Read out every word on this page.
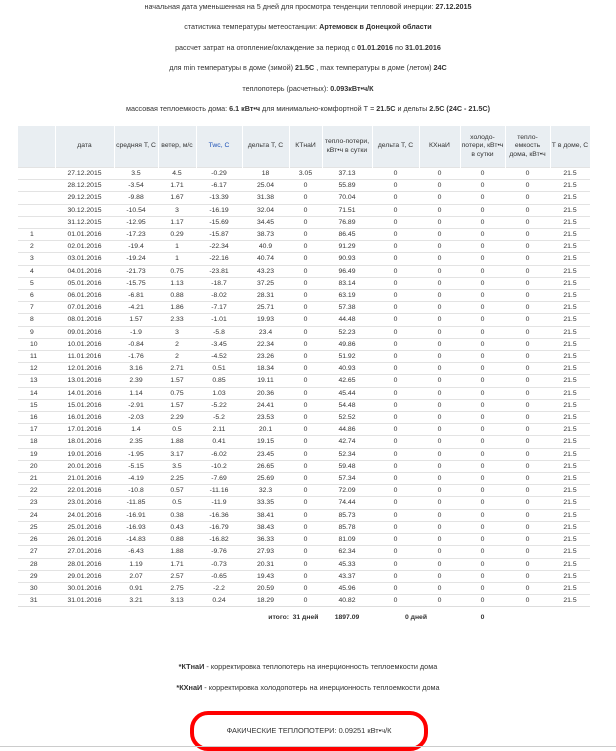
начальная дата уменьшенная на 5 дней для просмотра тенденции тепловой инерции: 27.12.2015
статистика температуры метеостанции: Артемовск в Донецкой области
рассчет затрат на отопление/охлаждение за период с 01.01.2016 по 31.01.2016
для min температуры в доме (зимой) 21.5C , max температуры в доме (летом) 24C
теплопотерь (расчетных): 0.093кВт•ч/К
массовая теплоемкость дома: 6.1 кВт•ч для минимально-комфортной Т = 21.5C и дельты 2.5C (24C - 21.5C)
	дата	средняя Т, С	ветер, м/с	Twc, C	дельта Т, С	КТнаИ	тепло-потери, кВт•ч в сутки	дельта Т, С	КХнаИ	холодо-потери, кВт•ч в сутки	тепло-емкость дома, кВт•ч	Т в доме, С
	27.12.2015	3.5	4.5	-0.29	18	3.05	37.13	0	0	0	0	21.5
	28.12.2015	-3.54	1.71	-6.17	25.04	0	55.89	0	0	0	0	21.5
	29.12.2015	-9.88	1.67	-13.39	31.38	0	70.04	0	0	0	0	21.5
	30.12.2015	-10.54	3	-16.19	32.04	0	71.51	0	0	0	0	21.5
	31.12.2015	-12.95	1.17	-15.69	34.45	0	76.89	0	0	0	0	21.5
1	01.01.2016	-17.23	0.29	-15.87	38.73	0	86.45	0	0	0	0	21.5
2	02.01.2016	-19.4	1	-22.34	40.9	0	91.29	0	0	0	0	21.5
3	03.01.2016	-19.24	1	-22.16	40.74	0	90.93	0	0	0	0	21.5
4	04.01.2016	-21.73	0.75	-23.81	43.23	0	96.49	0	0	0	0	21.5
5	05.01.2016	-15.75	1.13	-18.7	37.25	0	83.14	0	0	0	0	21.5
6	06.01.2016	-6.81	0.88	-8.02	28.31	0	63.19	0	0	0	0	21.5
7	07.01.2016	-4.21	1.86	-7.17	25.71	0	57.38	0	0	0	0	21.5
8	08.01.2016	1.57	2.33	-1.01	19.93	0	44.48	0	0	0	0	21.5
9	09.01.2016	-1.9	3	-5.8	23.4	0	52.23	0	0	0	0	21.5
10	10.01.2016	-0.84	2	-3.45	22.34	0	49.86	0	0	0	0	21.5
11	11.01.2016	-1.76	2	-4.52	23.26	0	51.92	0	0	0	0	21.5
12	12.01.2016	3.16	2.71	0.51	18.34	0	40.93	0	0	0	0	21.5
13	13.01.2016	2.39	1.57	0.85	19.11	0	42.65	0	0	0	0	21.5
14	14.01.2016	1.14	0.75	1.03	20.36	0	45.44	0	0	0	0	21.5
15	15.01.2016	-2.91	1.57	-5.22	24.41	0	54.48	0	0	0	0	21.5
16	16.01.2016	-2.03	2.29	-5.2	23.53	0	52.52	0	0	0	0	21.5
17	17.01.2016	1.4	0.5	2.11	20.1	0	44.86	0	0	0	0	21.5
18	18.01.2016	2.35	1.88	0.41	19.15	0	42.74	0	0	0	0	21.5
19	19.01.2016	-1.95	3.17	-6.02	23.45	0	52.34	0	0	0	0	21.5
20	20.01.2016	-5.15	3.5	-10.2	26.65	0	59.48	0	0	0	0	21.5
21	21.01.2016	-4.19	2.25	-7.69	25.69	0	57.34	0	0	0	0	21.5
22	22.01.2016	-10.8	0.57	-11.16	32.3	0	72.09	0	0	0	0	21.5
23	23.01.2016	-11.85	0.5	-11.9	33.35	0	74.44	0	0	0	0	21.5
24	24.01.2016	-16.91	0.38	-16.36	38.41	0	85.73	0	0	0	0	21.5
25	25.01.2016	-16.93	0.43	-16.79	38.43	0	85.78	0	0	0	0	21.5
26	26.01.2016	-14.83	0.88	-16.82	36.33	0	81.09	0	0	0	0	21.5
27	27.01.2016	-6.43	1.88	-9.76	27.93	0	62.34	0	0	0	0	21.5
28	28.01.2016	1.19	1.71	-0.73	20.31	0	45.33	0	0	0	0	21.5
29	29.01.2016	2.07	2.57	-0.65	19.43	0	43.37	0	0	0	0	21.5
30	30.01.2016	0.91	2.75	-2.2	20.59	0	45.96	0	0	0	0	21.5
31	31.01.2016	3.21	3.13	0.24	18.29	0	40.82	0	0	0	0	21.5
				итого:		31 дней	1897.09	0 дней		0		
*КТнаИ - корректировка теплопотерь на инерционность теплоемкости дома
*КХнаИ - корректировка холодопотерь на инерционность теплоемкости дома
ФАКИЧЕСКИЕ ТЕПЛОПОТЕРИ: 0.09251 кВт•ч/К
